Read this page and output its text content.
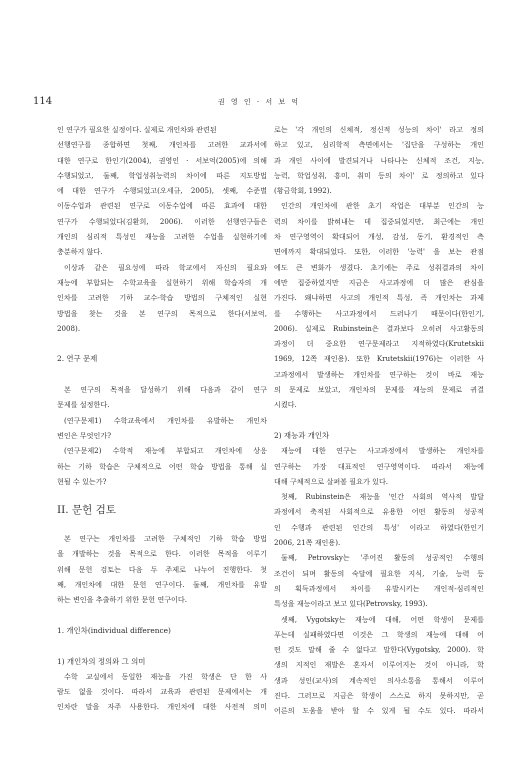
114	권 영 인 · 서 보 억
인 연구가 필요한 실정이다. 실제로 개인차와 관련된
선행연구를 종합하면 첫째, 개인차를 고려한 교과서에
대한 연구로 한인기(2004), 권영인 · 서보억(2005)에 의해
수행되었고, 둘째, 학업성취능력의 차이에 따른 지도방법
에 대한 연구가 수행되었고(오세규, 2005), 셋째, 수준별
이동수업과 관련된 연구로 이동수업에 따른 효과에 대한
연구가 수행되었다(김환희, 2006). 이러한 선행연구들은
개인의 심리적 특성인 재능을 고려한 수업을 실현하기에
충분하지 않다.
이상과 같은 필요성에 따라 학교에서 자신의 필요와
재능에 부합되는 수학교육을 실현하기 위해 학습자의 개
인차를 고려한 기하 교수-학습 방법의 구체적인 실현
방법을 찾는 것을 본 연구의 목적으로 한다(서보억,
2008).
2. 연구 문제
본 연구의 목적을 달성하기 위해 다음과 같이 연구
문제를 설정한다.
(연구문제1) 수학교육에서 개인차를 유발하는 개인차
변인은 무엇인가?
(연구문제2) 수학적 재능에 부합되고 개인차에 상응
하는 기하 학습은 구체적으로 어떤 학습 방법을 통해 실
현될 수 있는가?
II. 문헌 검토
본 연구는 개인차를 고려한 구체적인 기하 학습 방법
을 개발하는 것을 목적으로 한다. 이러한 목적을 이루기
위해 문헌 검토는 다음 두 주제로 나누어 진행한다. 첫
째, 개인차에 대한 문헌 연구이다. 둘째, 개인차를 유발
하는 변인을 추출하기 위한 문헌 연구이다.
1. 개인차(individual difference)
1) 개인차의 정의와 그 의미
수학 교실에서 동일한 재능을 가진 학생은 단 한 사
람도 없을 것이다. 따라서 교육과 관련된 문제에서는 개
인차란 말을 자주 사용한다. 개인차에 대한 사전적 의미
로는 '각 개인의 신체적, 정신적 성능의 차이' 라고 정의
하고 있고, 심리학적 측면에서는 '집단을 구성하는 개인
과 개인 사이에 발견되거나 나타나는 신체적 조건, 지능,
능력, 학업성취, 흥미, 취미 등의 차이' 로 정의하고 있다
(황금학회, 1992).
인간의 개인차에 관한 초기 작업은 대부분 인간의 능
력의 차이를 밝혀내는 데 집중되었지만, 최근에는 개인
차 연구영역이 확대되어 개성, 감성, 동기, 환경적인 측
면에까지 확대되었다. 또한, 이러한 '능력' 을 보는 관점
에도 큰 변화가 생겼다. 초기에는 주로 성취결과의 차이
에만 집중하였지만 지금은 사고과정에 더 많은 관심을
가진다. 왜냐하면 사고의 개인적 특성, 즉 개인차는 과제
를 수행하는 사고과정에서 드러나기 때문이다(한인기,
2006). 실제로 Rubinstein은 결과보다 오히려 사고활동의
과정이 더 중요한 연구문제라고 지적하였다(Krutetskii
1969, 12쪽 재인용). 또한 Krutetskii(1976)는 이러한 사
고과정에서 발생하는 개인차를 연구하는 것이 바로 재능
의 문제로 보았고, 개인차의 문제를 재능의 문제로 귀결
시켰다.
2) 재능과 개인차
재능에 대한 연구는 사고과정에서 발생하는 개인차를
연구하는 가장 대표적인 연구영역이다. 따라서 재능에
대해 구체적으로 살펴볼 필요가 있다.
첫째, Rubinstein은 재능을 '인간 사회의 역사적 발달
과정에서 축적된 사회적으로 유용한 어떤 활동의 성공적
인 수행과 관련된 인간의 특성' 이라고 하였다(한인기
2006, 21쪽 재인용).
둘째, Petrovsky는 '주어진 활동의 성공적인 수행의
조건이 되며 활동의 숙달에 필요한 지식, 기술, 능력 등
의 획득과정에서 차이를 유발시키는 개인적-심리적인
특성을 재능이라고 보고 있다(Petrovsky, 1993).
셋째, Vygotsky는 재능에 대해, 어떤 학생이 문제를
푸는데 실패하였다면 이것은 그 학생의 재능에 대해 어
떤 것도 말해 줄 수 없다고 말한다(Vygotsky, 2000). 학
생의 지적인 재발은 혼자서 이루어지는 것이 아니라, 학
생과 성인(교사)의 계속적인 의사소통을 통해서 이루어
진다. 그러므로 지금은 학생이 스스로 하지 못하지만, 곧
어른의 도움을 받아 할 수 있게 될 수도 있다. 따라서
